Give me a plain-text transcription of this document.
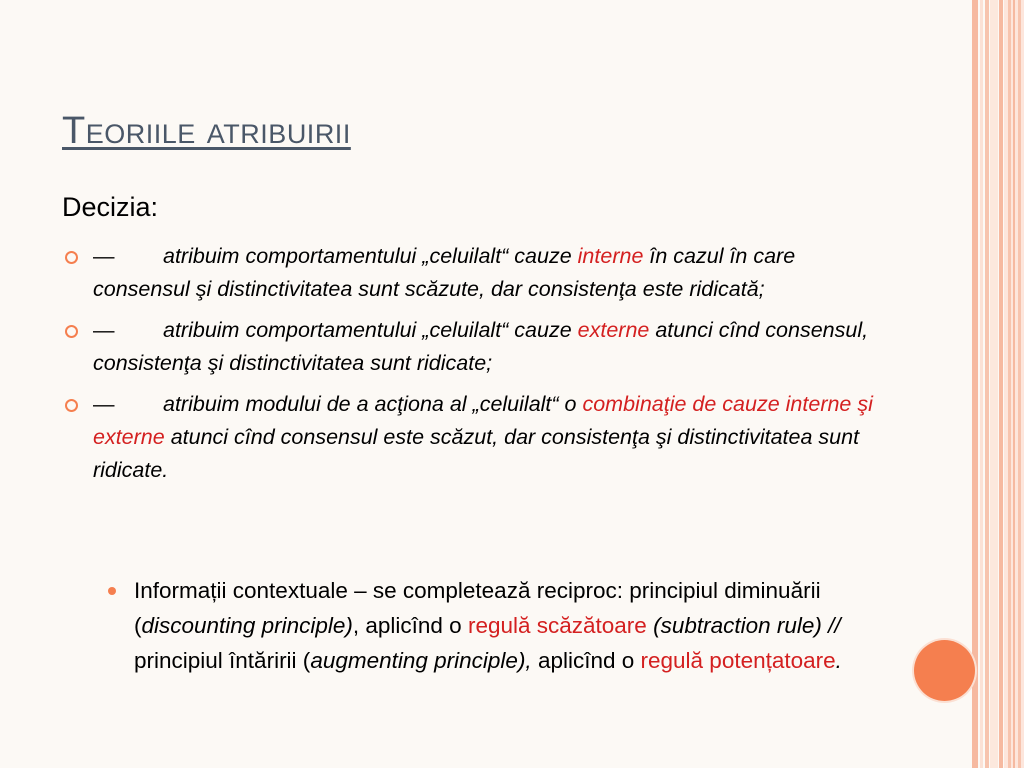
Teoriile atribuirii
Decizia:
— atribuim comportamentului „celuilalt“ cauze interne în cazul în care consensul şi distinctivitatea sunt scăzute, dar consistenţa este ridicată;
— atribuim comportamentului „celuilalt“ cauze externe atunci cînd consensul, consistenţa şi distinctivitatea sunt ridicate;
— atribuim modului de a acţiona al „celuilalt“ o combinaţie de cauze interne şi externe atunci cînd consensul este scăzut, dar consistenţa şi distinctivitatea sunt ridicate.
Informații contextuale – se completează reciproc: principiul diminuării (discounting principle), aplicînd o regulă scăzătoare (subtraction rule) // principiul întăririi (augmenting principle), aplicînd o regulă potențatoare.
